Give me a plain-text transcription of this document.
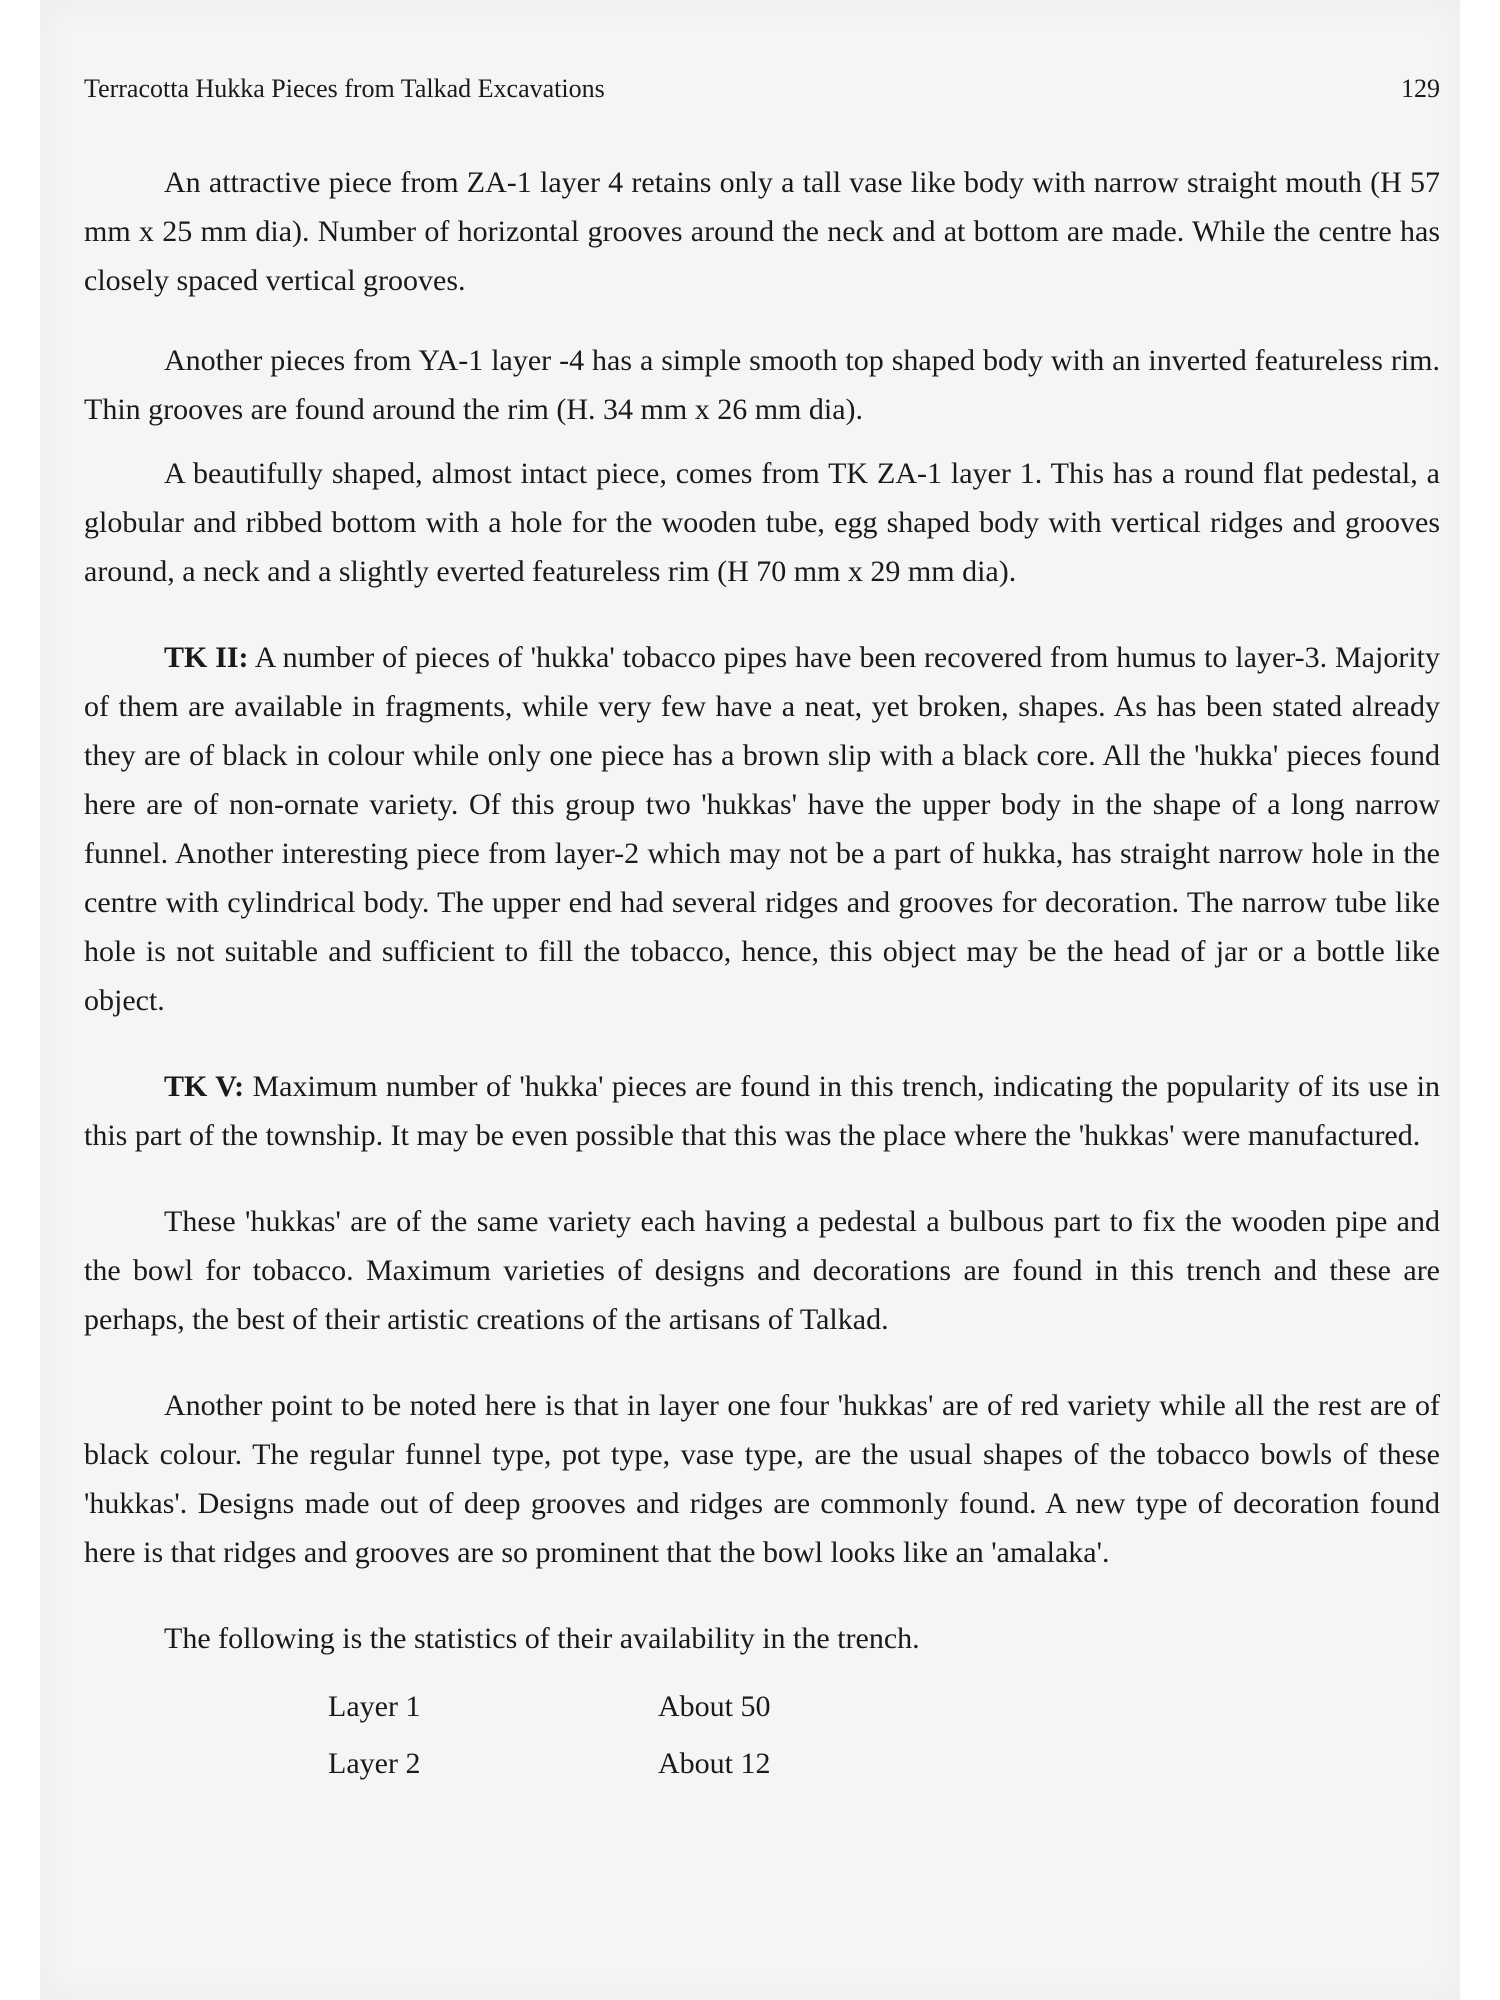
Terracotta Hukka Pieces from Talkad Excavations	129

An attractive piece from ZA-1 layer 4 retains only a tall vase like body with narrow straight mouth (H 57 mm x 25 mm dia). Number of horizontal grooves around the neck and at bottom are made. While the centre has closely spaced vertical grooves.

Another pieces from YA-1 layer -4 has a simple smooth top shaped body with an inverted featureless rim. Thin grooves are found around the rim (H. 34 mm x 26 mm dia).

A beautifully shaped, almost intact piece, comes from TK ZA-1 layer 1. This has a round flat pedestal, a globular and ribbed bottom with a hole for the wooden tube, egg shaped body with vertical ridges and grooves around, a neck and a slightly everted featureless rim (H 70 mm x 29 mm dia).

TK II: A number of pieces of 'hukka' tobacco pipes have been recovered from humus to layer-3. Majority of them are available in fragments, while very few have a neat, yet broken, shapes. As has been stated already they are of black in colour while only one piece has a brown slip with a black core. All the 'hukka' pieces found here are of non-ornate variety. Of this group two 'hukkas' have the upper body in the shape of a long narrow funnel. Another interesting piece from layer-2 which may not be a part of hukka, has straight narrow hole in the centre with cylindrical body. The upper end had several ridges and grooves for decoration. The narrow tube like hole is not suitable and sufficient to fill the tobacco, hence, this object may be the head of jar or a bottle like object.

TK V: Maximum number of 'hukka' pieces are found in this trench, indicating the popularity of its use in this part of the township. It may be even possible that this was the place where the 'hukkas' were manufactured.

These 'hukkas' are of the same variety each having a pedestal a bulbous part to fix the wooden pipe and the bowl for tobacco. Maximum varieties of designs and decorations are found in this trench and these are perhaps, the best of their artistic creations of the artisans of Talkad.

Another point to be noted here is that in layer one four 'hukkas' are of red variety while all the rest are of black colour. The regular funnel type, pot type, vase type, are the usual shapes of the tobacco bowls of these 'hukkas'. Designs made out of deep grooves and ridges are commonly found. A new type of decoration found here is that ridges and grooves are so prominent that the bowl looks like an 'amalaka'.

The following is the statistics of their availability in the trench.

Layer 1	About 50
Layer 2	About 12
